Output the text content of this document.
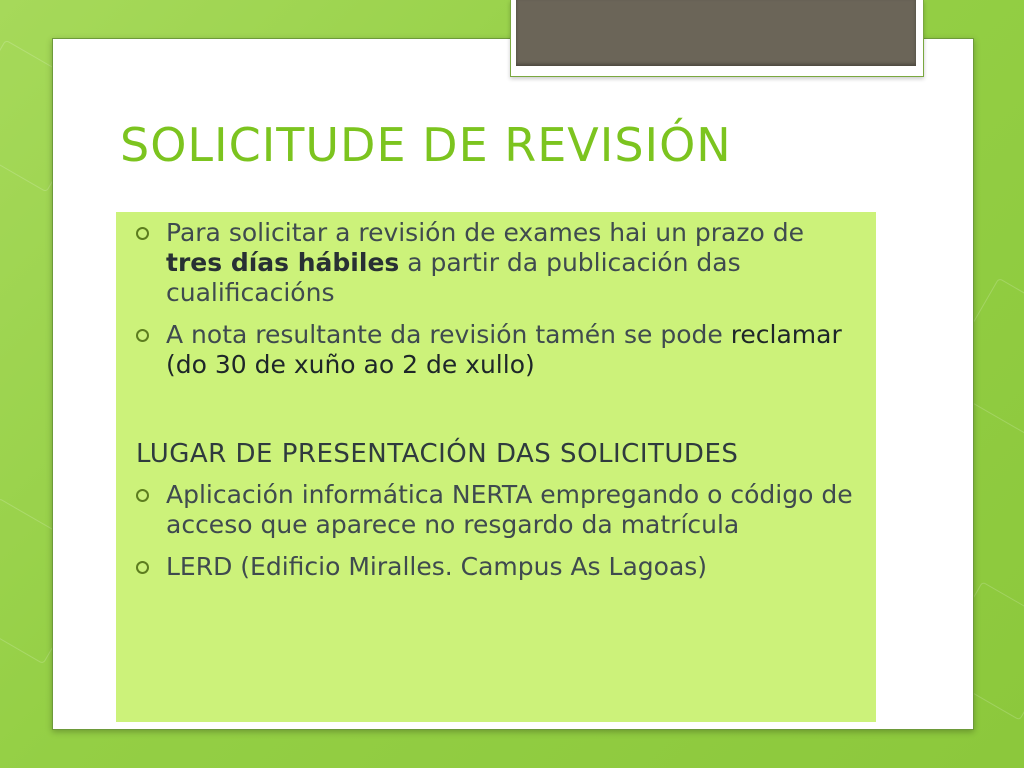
SOLICITUDE DE REVISIÓN
Para solicitar a revisión de exames hai un prazo de tres días hábiles a partir da publicación das cualificacións
A nota resultante da revisión tamén se pode reclamar (do 30 de xuño ao 2 de xullo)
LUGAR DE PRESENTACIÓN DAS SOLICITUDES
Aplicación informática NERTA empregando o código de acceso que aparece no resgardo da matrícula
LERD (Edificio Miralles. Campus As Lagoas)
